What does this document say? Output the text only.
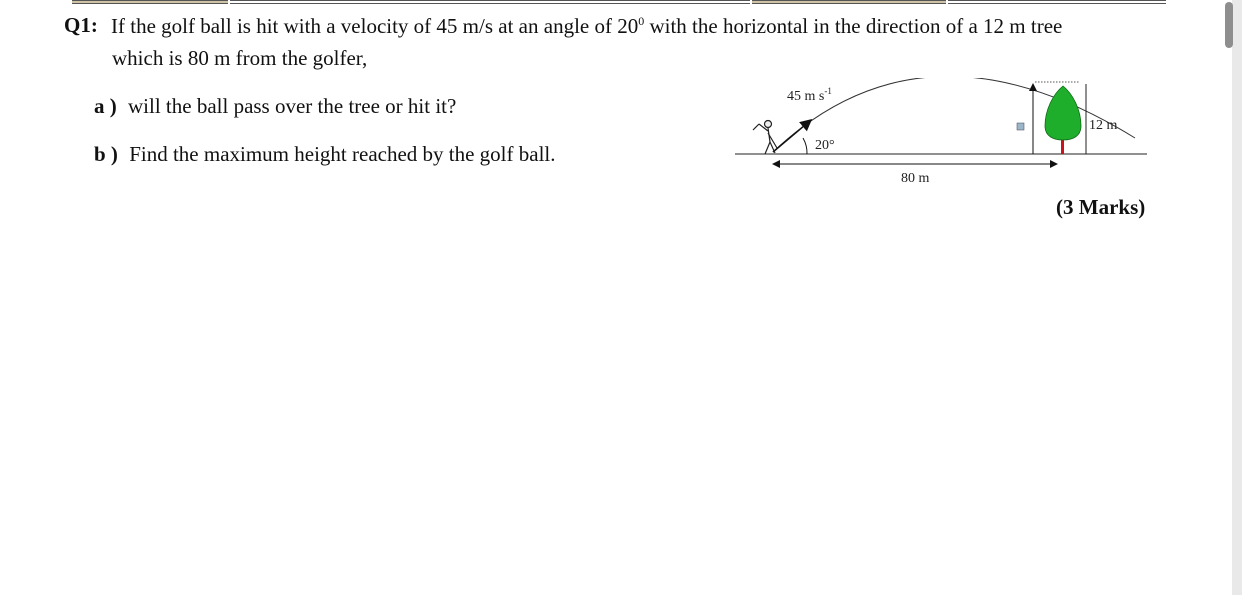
Q1: If the golf ball is hit with a velocity of 45 m/s at an angle of $20^0$ with the horizontal in the direction of a 12 m tree
which is 80 m from the golfer,
a ) will the ball pass over the tree or hit it?
b ) Find the maximum height reached by the golf ball.
45 m $s^{-1}$
20°
80 m
12 m
(3 Marks)
